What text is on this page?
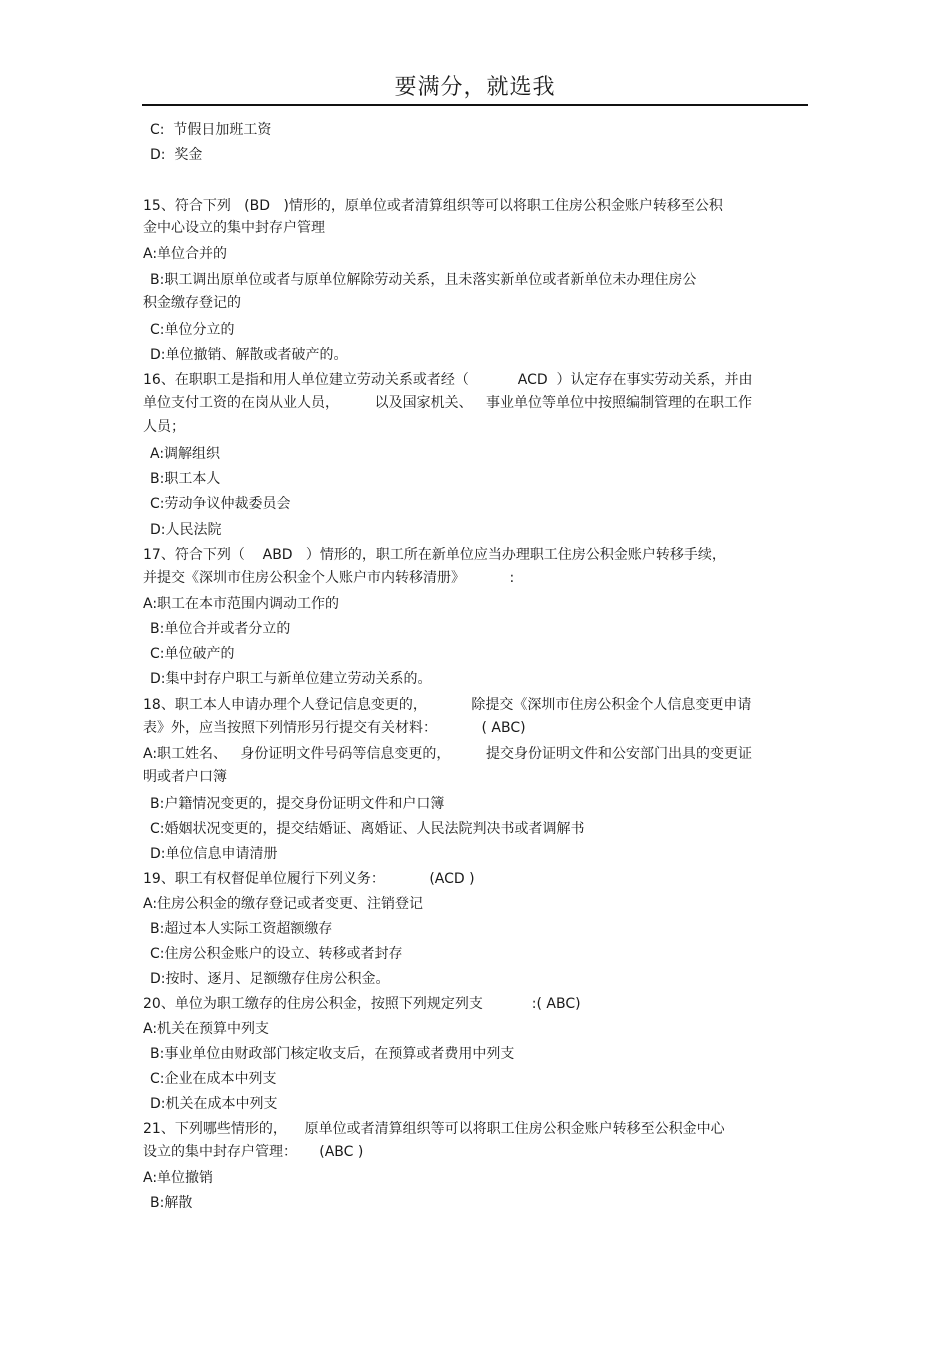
要满分，就选我
C:  节假日加班工资
D:  奖金
15、符合下列   (BD   )情形的，原单位或者清算组织等可以将职工住房公积金账户转移至公积
金中心设立的集中封存户管理
A:单位合并的
B:职工调出原单位或者与原单位解除劳动关系，且未落实新单位或者新单位未办理住房公
积金缴存登记的
C:单位分立的
D:单位撤销、解散或者破产的。
16、在职职工是指和用人单位建立劳动关系或者经（           ACD  ）认定存在事实劳动关系，并由
单位支付工资的在岗从业人员，        以及国家机关、   事业单位等单位中按照编制管理的在职工作
人员；
A:调解组织
B:职工本人
C:劳动争议仲裁委员会
D:人民法院
17、符合下列（    ABD   ）情形的，职工所在新单位应当办理职工住房公积金账户转移手续，
并提交《深圳市住房公积金个人账户市内转移清册》          :
A:职工在本市范围内调动工作的
B:单位合并或者分立的
C:单位破产的
D:集中封存户职工与新单位建立劳动关系的。
18、职工本人申请办理个人登记信息变更的，          除提交《深圳市住房公积金个人信息变更申请
表》外，应当按照下列情形另行提交有关材料：          ( ABC)
A:职工姓名、   身份证明文件号码等信息变更的，        提交身份证明文件和公安部门出具的变更证
明或者户口簿
B:户籍情况变更的，提交身份证明文件和户口簿
C:婚姻状况变更的，提交结婚证、离婚证、人民法院判决书或者调解书
D:单位信息申请清册
19、职工有权督促单位履行下列义务：          (ACD )
A:住房公积金的缴存登记或者变更、注销登记
B:超过本人实际工资超额缴存
C:住房公积金账户的设立、转移或者封存
D:按时、逐月、足额缴存住房公积金。
20、单位为职工缴存的住房公积金，按照下列规定列支           :( ABC)
A:机关在预算中列支
B:事业单位由财政部门核定收支后，在预算或者费用中列支
C:企业在成本中列支
D:机关在成本中列支
21、下列哪些情形的，    原单位或者清算组织等可以将职工住房公积金账户转移至公积金中心
设立的集中封存户管理：     (ABC )
A:单位撤销
B:解散
